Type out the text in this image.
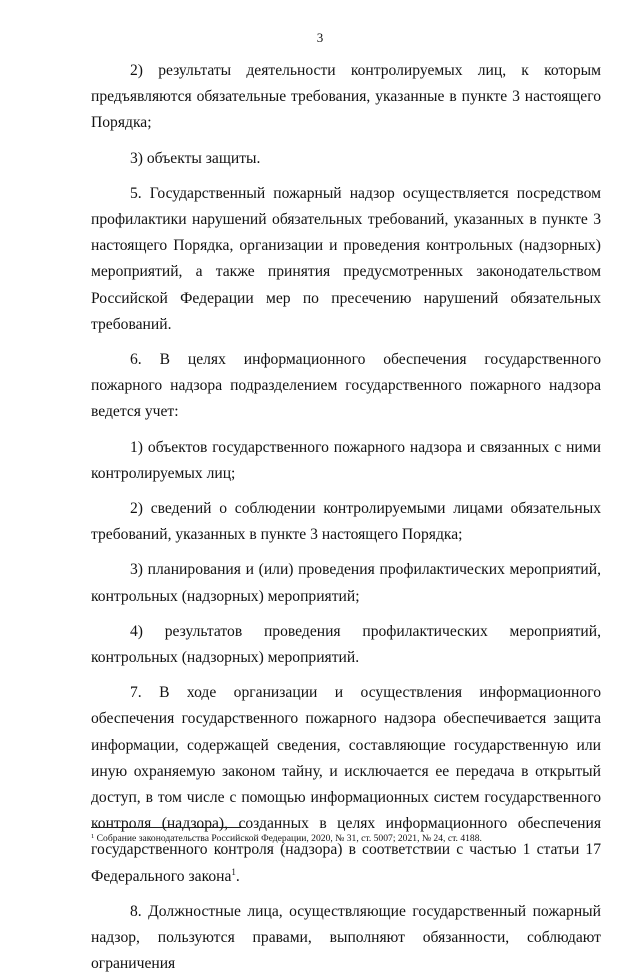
3

2) результаты деятельности контролируемых лиц, к которым предъявляются обязательные требования, указанные в пункте 3 настоящего Порядка;

3) объекты защиты.

5. Государственный пожарный надзор осуществляется посредством профилактики нарушений обязательных требований, указанных в пункте 3 настоящего Порядка, организации и проведения контрольных (надзорных) мероприятий, а также принятия предусмотренных законодательством Российской Федерации мер по пресечению нарушений обязательных требований.

6. В целях информационного обеспечения государственного пожарного надзора подразделением государственного пожарного надзора ведется учет:

1) объектов государственного пожарного надзора и связанных с ними контролируемых лиц;

2) сведений о соблюдении контролируемыми лицами обязательных требований, указанных в пункте 3 настоящего Порядка;

3) планирования и (или) проведения профилактических мероприятий, контрольных (надзорных) мероприятий;

4) результатов проведения профилактических мероприятий, контрольных (надзорных) мероприятий.

7. В ходе организации и осуществления информационного обеспечения государственного пожарного надзора обеспечивается защита информации, содержащей сведения, составляющие государственную или иную охраняемую законом тайну, и исключается ее передача в открытый доступ, в том числе с помощью информационных систем государственного контроля (надзора), созданных в целях информационного обеспечения государственного контроля (надзора) в соответствии с частью 1 статьи 17 Федерального закона$^1$.

8. Должностные лица, осуществляющие государственный пожарный надзор, пользуются правами, выполняют обязанности, соблюдают ограничения

$^1$ Собрание законодательства Российской Федерации, 2020, № 31, ст. 5007; 2021, № 24, ст. 4188.
